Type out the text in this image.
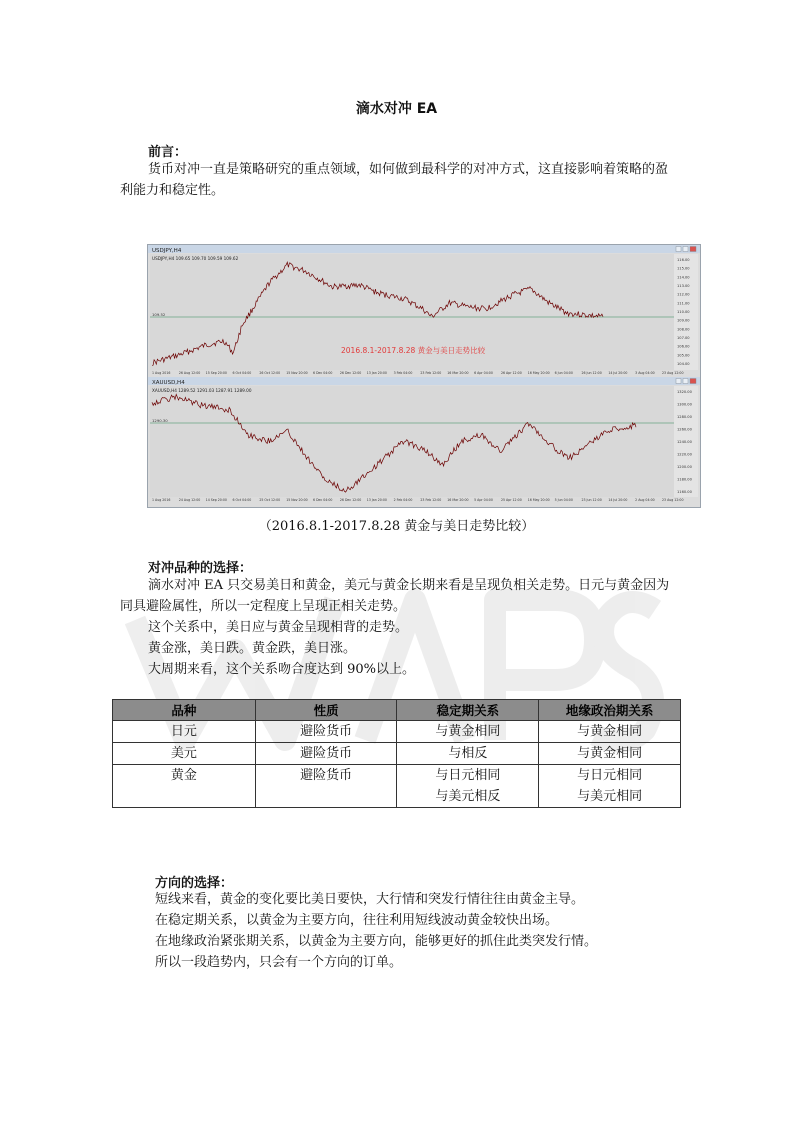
滴水对冲 EA
前言：

货币对冲一直是策略研究的重点领域，如何做到最科学的对冲方式，这直接影响着策略的盈利能力和稳定性。

USDJPY,H4
USDJPY,H4 109.65 109.70 109.59 109.62	116.00
115.00
114.00
113.00
112.00
111.00
110.00
109.00
108.00
107.00
106.00
105.00
104.00
109.52
2016.8.1-2017.8.28 黄金与美日走势比较
1 Aug 2016	26 Aug 12:00 15 Sep 20:00 6 Oct 04:00	26 Oct 12:00 15 Nov 20:00 6 Dec 04:00 26 Dec 12:00 13 Jan 20:00 3 Feb 04:00 23 Feb 12:00 16 Mar 20:00 6 Apr 04:00	26 Apr 12:00 16 May 20:00 6 Jun 04:00	26 Jun 12:00 14 Jul 20:00 3 Aug 04:00 23 Aug 12:00
XAUUSD,H4
XAUUSD,H4 1289.52 1291.03 1287.91 1289.00	1320.00
1300.00
1280.00
1260.00
1240.00
1220.00
1200.00
1180.00
1160.00
1290.30
1 Aug 2016	24 Aug 12:00 14 Sep 20:00 6 Oct 04:00	25 Oct 12:00 15 Nov 20:00 6 Dec 04:00 26 Dec 12:00 13 Jan 20:00 2 Feb 04:00 23 Feb 12:00 16 Mar 20:00 5 Apr 04:00	25 Apr 12:00 16 May 20:00 5 Jun 04:00	23 Jun 12:00 14 Jul 20:00 2 Aug 04:00 23 Aug 12:00
（2016.8.1-2017.8.28 黄金与美日走势比较）
对冲品种的选择：

滴水对冲 EA 只交易美日和黄金，美元与黄金长期来看是呈现负相关走势。日元与黄金因为同具避险属性，所以一定程度上呈现正相关走势。

这个关系中，美日应与黄金呈现相背的走势。
黄金涨，美日跌。黄金跌，美日涨。
大周期来看，这个关系吻合度达到 90%以上。
品种	性质	稳定期关系	地缘政治期关系
日元	避险货币	与黄金相同	与黄金相同
美元	避险货币	与相反	与黄金相同
黄金	避险货币	与日元相同	与日元相同
		与美元相反	与美元相同
方向的选择：
短线来看，黄金的变化要比美日要快，大行情和突发行情往往由黄金主导。
在稳定期关系，以黄金为主要方向，往往利用短线波动黄金较快出场。
在地缘政治紧张期关系，以黄金为主要方向，能够更好的抓住此类突发行情。
所以一段趋势内，只会有一个方向的订单。
